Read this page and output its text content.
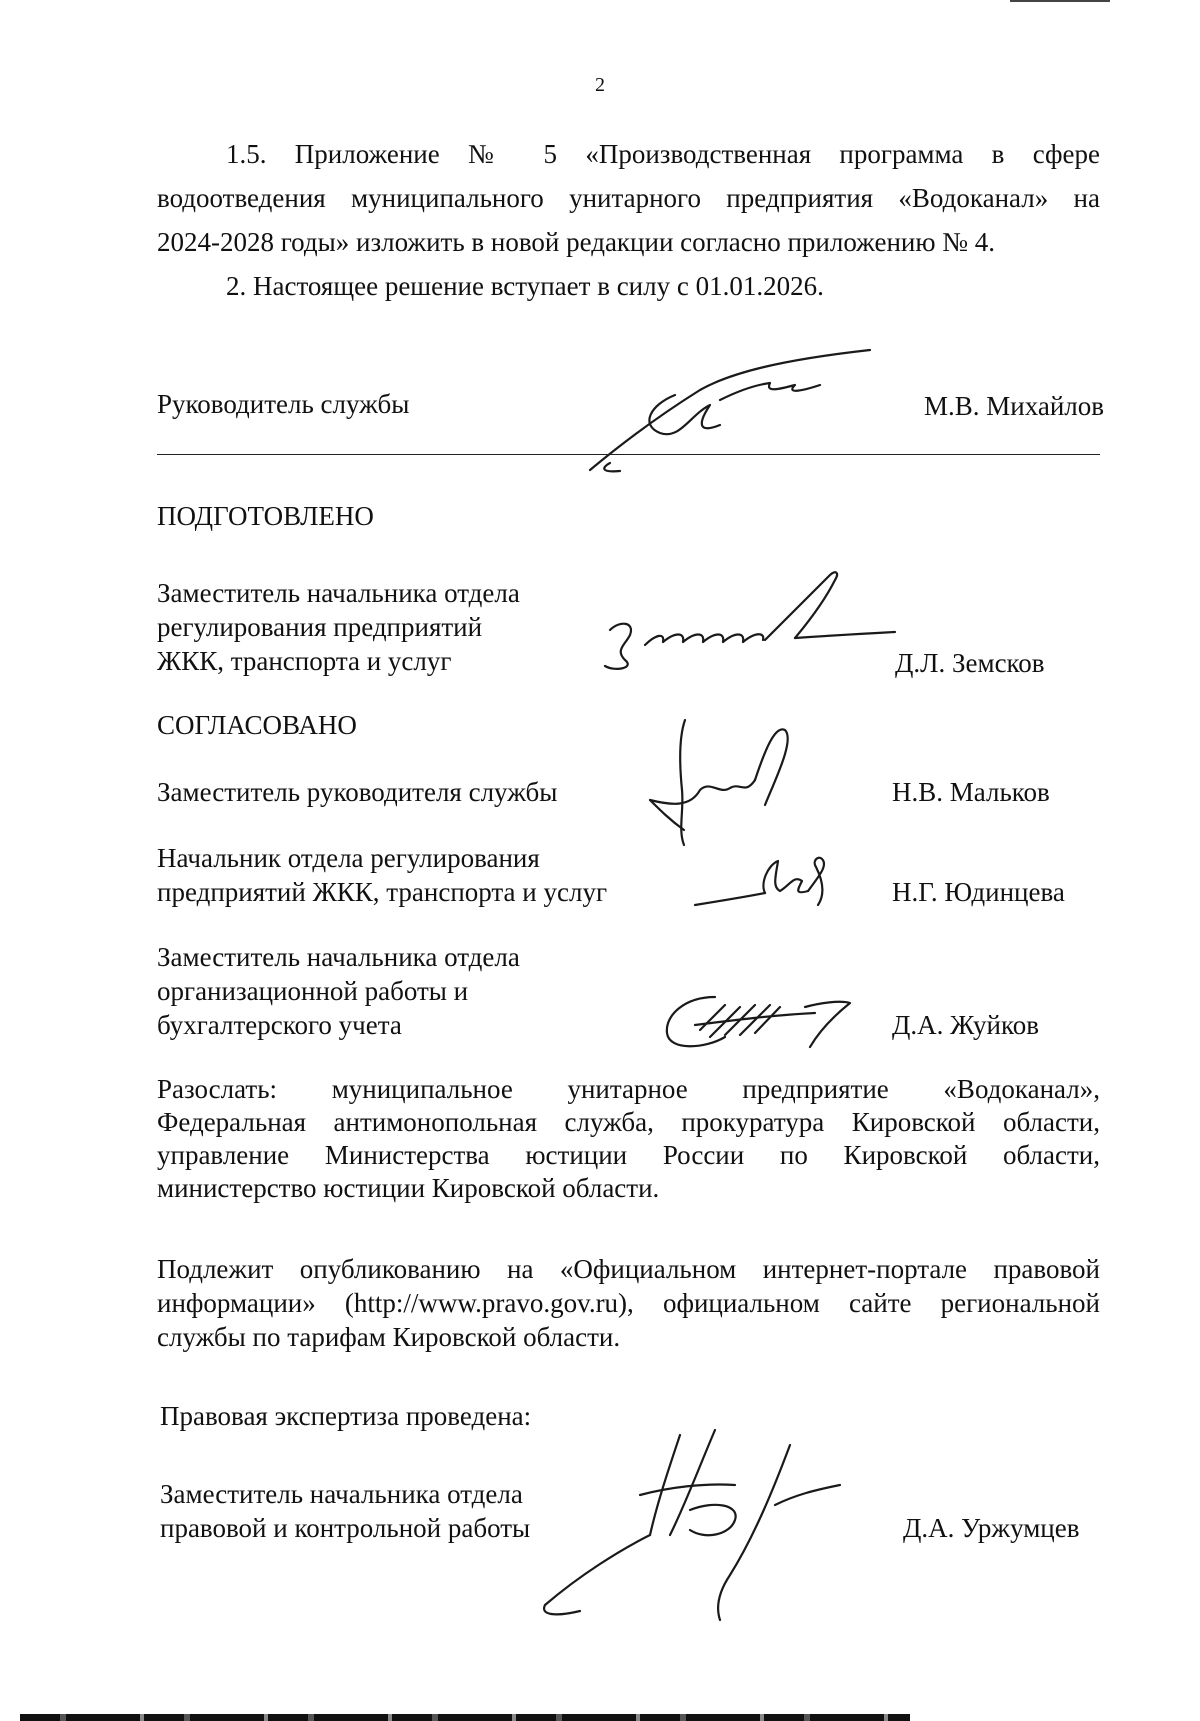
2
1.5. Приложение № 5 «Производственная программа в сфере
водоотведения муниципального унитарного предприятия «Водоканал» на
2024-2028 годы» изложить в новой редакции согласно приложению № 4.
2. Настоящее решение вступает в силу с 01.01.2026.
Руководитель службы	М.В. Михайлов
ПОДГОТОВЛЕНО
Заместитель начальника отдела
регулирования предприятий
ЖКК, транспорта и услуг	Д.Л. Земсков
СОГЛАСОВАНО
Заместитель руководителя службы	Н.В. Мальков
Начальник отдела регулирования
предприятий ЖКК, транспорта и услуг	Н.Г. Юдинцева
Заместитель начальника отдела
организационной работы и
бухгалтерского учета	Д.А. Жуйков
Разослать: муниципальное унитарное предприятие «Водоканал»,
Федеральная антимонопольная служба, прокуратура Кировской области,
управление Министерства юстиции России по Кировской области,
министерство юстиции Кировской области.
Подлежит опубликованию на «Официальном интернет-портале правовой
информации» (http://www.pravo.gov.ru), официальном сайте региональной
службы по тарифам Кировской области.
Правовая экспертиза проведена:
Заместитель начальника отдела
правовой и контрольной работы	Д.А. Уржумцев
